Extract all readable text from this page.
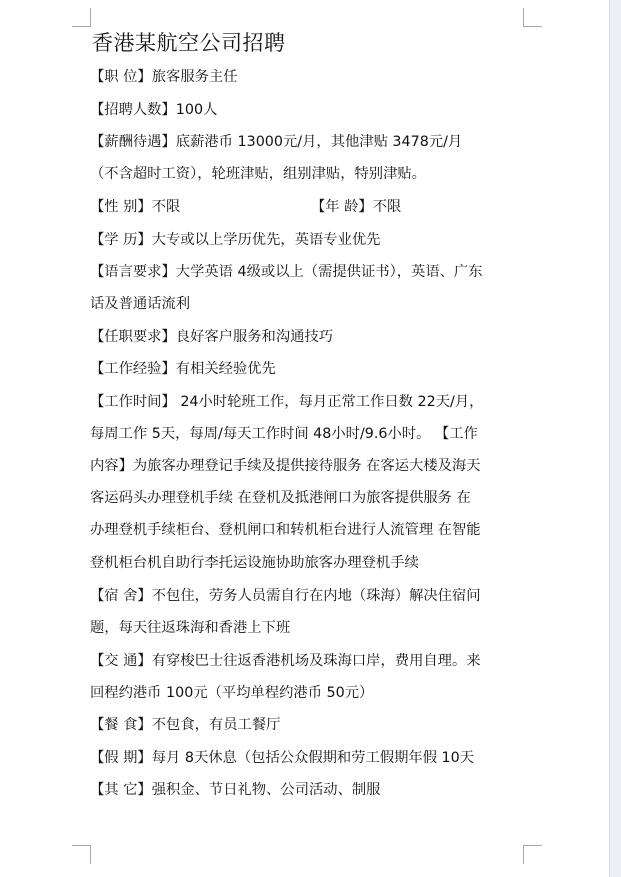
香港某航空公司招聘
【职 位】旅客服务主任
【招聘人数】100人
【薪酬待遇】底薪港币 13000元/月，其他津贴 3478元/月
（不含超时工资），轮班津贴，组别津贴，特别津贴。
【性 别】不限	【年 龄】不限
【学 历】大专或以上学历优先，英语专业优先
【语言要求】大学英语 4级或以上（需提供证书），英语、广东
话及普通话流利
【任职要求】良好客户服务和沟通技巧
【工作经验】有相关经验优先
【工作时间】 24小时轮班工作，每月正常工作日数 22天/月，
每周工作 5天，每周/每天工作时间 48小时/9.6小时。 【工作
内容】为旅客办理登记手续及提供接待服务 在客运大楼及海天
客运码头办理登机手续 在登机及抵港闸口为旅客提供服务 在
办理登机手续柜台、登机闸口和转机柜台进行人流管理 在智能
登机柜台机自助行李托运设施协助旅客办理登机手续
【宿 舍】不包住，劳务人员需自行在内地（珠海）解决住宿问
题，每天往返珠海和香港上下班
【交 通】有穿梭巴士往返香港机场及珠海口岸，费用自理。来
回程约港币 100元（平均单程约港币 50元）
【餐 食】不包食，有员工餐厅
【假 期】每月 8天休息（包括公众假期和劳工假期年假 10天
【其 它】强积金、节日礼物、公司活动、制服
